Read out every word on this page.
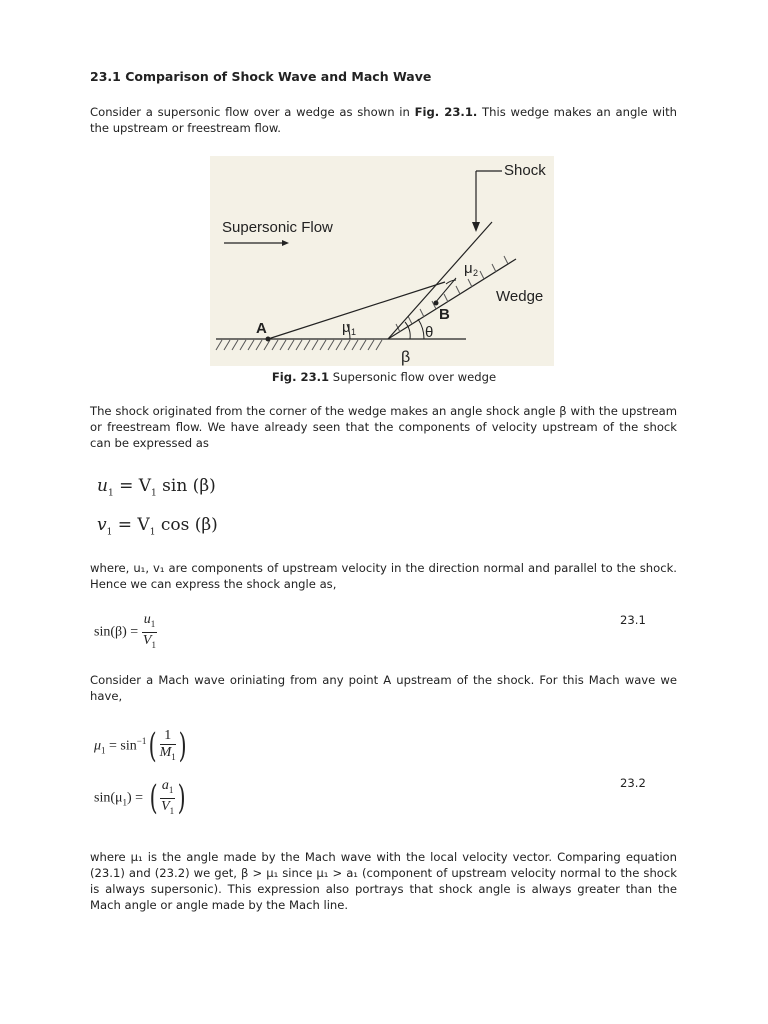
23.1 Comparison of Shock Wave and Mach Wave
Consider a supersonic flow over a wedge as shown in Fig. 23.1. This wedge makes an angle with the upstream or freestream flow.
Shock
Supersonic Flow
μ 2
Wedge
B
A	μ 1	θ
β
Fig. 23.1 Supersonic flow over wedge
The shock originated from the corner of the wedge makes an angle shock angle β with the upstream or freestream flow. We have already seen that the components of velocity upstream of the shock can be expressed as
$u_1 = V_1$ sin (β)
$v_1 = V_1$ cos (β)
where, u₁, v₁ are components of upstream velocity in the direction normal and parallel to the shock. Hence we can express the shock angle as,
$\sin(\beta) = \frac{u_1}{V_1}$	23.1
Consider a Mach wave oriniating from any point A upstream of the shock. For this Mach wave we have,
$\mu_1 = \sin^{-1}( \frac{1}{M_1}$ )
$\sin(\mu_1)$ = ( $\frac{a_1}{V_1}$ )	23.2
where μ₁ is the angle made by the Mach wave with the local velocity vector. Comparing equation (23.1) and (23.2) we get, β > μ₁ since μ₁ > a₁ (component of upstream velocity normal to the shock is always supersonic). This expression also portrays that shock angle is always greater than the Mach angle or angle made by the Mach line.
